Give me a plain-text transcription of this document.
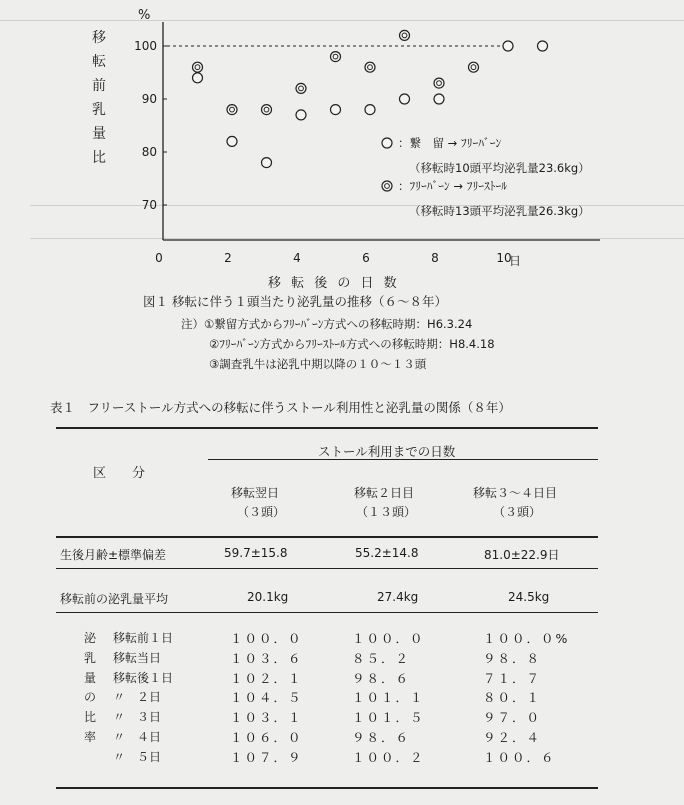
70
80
90
100
0	2	4	6	8	10
：繋　留 → ﾌﾘｰﾊﾞｰﾝ
（移転時10頭平均泌乳量23.6kg）
：ﾌﾘｰﾊﾞｰﾝ → ﾌﾘｰｽﾄｰﾙ
（移転時13頭平均泌乳量26.3kg）
%
移
転
前
乳
量
比
移 転 後 の 日 数
日
図１ 移転に伴う１頭当たり泌乳量の推移（６～８年）
注）①繋留方式からﾌﾘｰﾊﾞｰﾝ方式への移転時期：H6.3.24
②ﾌﾘｰﾊﾞｰﾝ方式からﾌﾘｰｽﾄｰﾙ方式への移転時期：H8.4.18
③調査乳牛は泌乳中期以降の１０～１３頭
表１　フリーストール方式への移転に伴うストール利用性と泌乳量の関係（８年）
区　　分
ストール利用までの日数
移転翌日
（３頭）
移転２日目
（１３頭）
移転３～４日目
（３頭）
生後月齢±標準偏差	59.7±15.8	55.2±14.8	81.0±22.9日
移転前の泌乳量平均	20.1kg	27.4kg	24.5kg
泌
乳
量
の
比
率
移転前１日	１００．０	１００．０	１００．０%
移転当日	１０３．６	８５．２	９８．８
移転後１日	１０２．１	９８．６	７１．７
〃　２日	１０４．５	１０１．１	８０．１
〃　３日	１０３．１	１０１．５	９７．０
〃　４日	１０６．０	９８．６	９２．４
〃　５日	１０７．９	１００．２	１００．６
